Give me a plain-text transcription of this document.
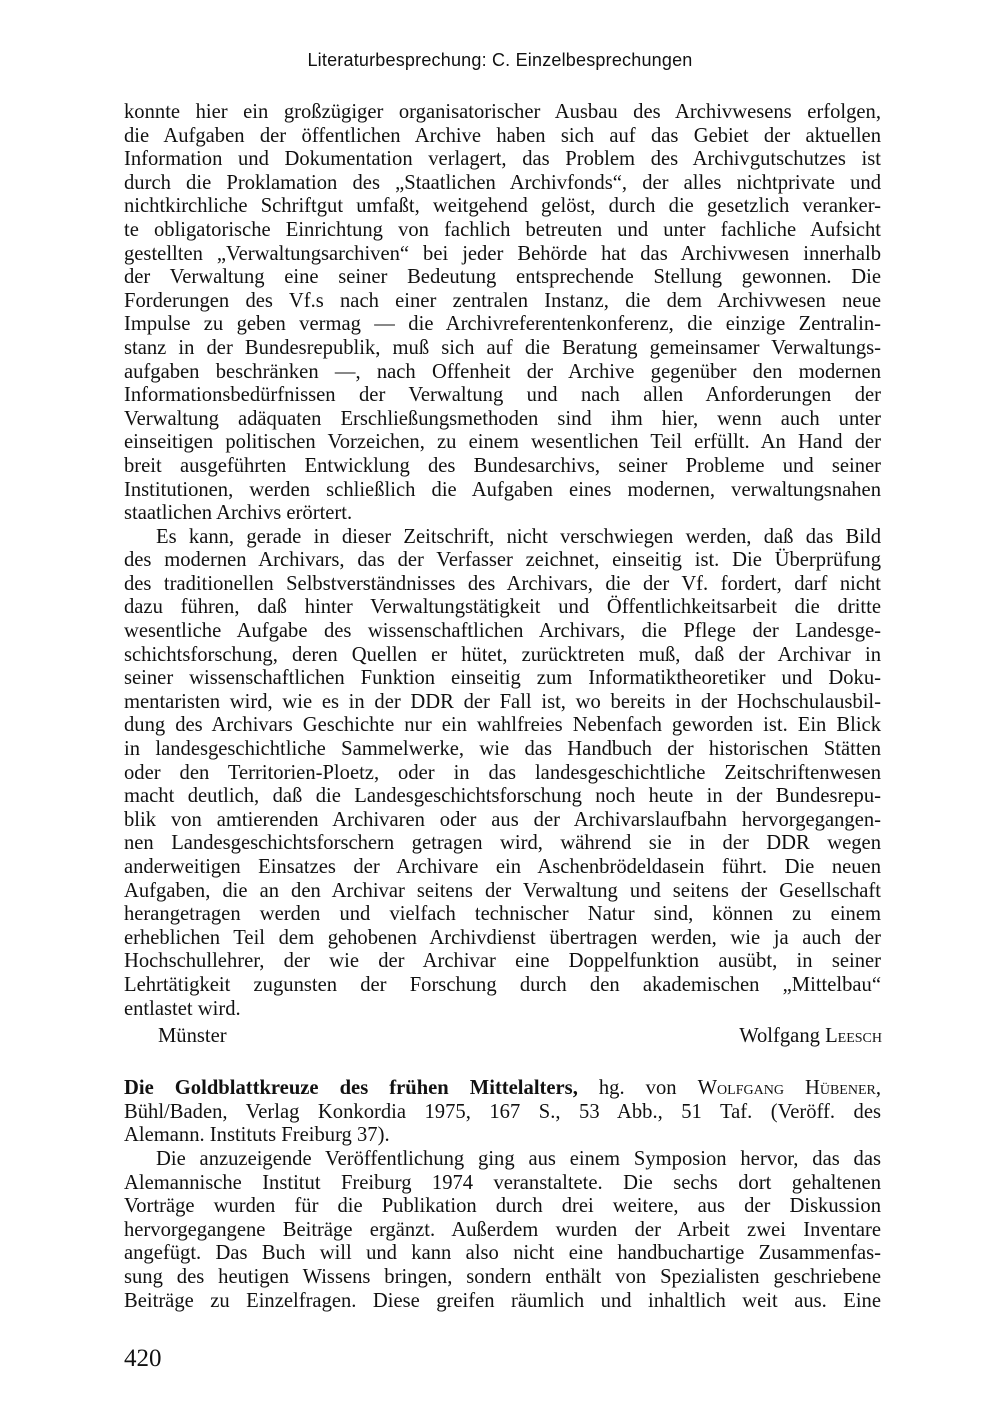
Literaturbesprechung: C. Einzelbesprechungen
konnte hier ein großzügiger organisatorischer Ausbau des Archivwesens erfolgen,
die Aufgaben der öffentlichen Archive haben sich auf das Gebiet der aktuellen
Information und Dokumentation verlagert, das Problem des Archivgutschutzes ist
durch die Proklamation des „Staatlichen Archivfonds“, der alles nichtprivate und
nichtkirchliche Schriftgut umfaßt, weitgehend gelöst, durch die gesetzlich veranker-
te obligatorische Einrichtung von fachlich betreuten und unter fachliche Aufsicht
gestellten „Verwaltungsarchiven“ bei jeder Behörde hat das Archivwesen innerhalb
der Verwaltung eine seiner Bedeutung entsprechende Stellung gewonnen. Die
Forderungen des Vf.s nach einer zentralen Instanz, die dem Archivwesen neue
Impulse zu geben vermag — die Archivreferentenkonferenz, die einzige Zentralin-
stanz in der Bundesrepublik, muß sich auf die Beratung gemeinsamer Verwaltungs-
aufgaben beschränken —, nach Offenheit der Archive gegenüber den modernen
Informationsbedürfnissen der Verwaltung und nach allen Anforderungen der
Verwaltung adäquaten Erschließungsmethoden sind ihm hier, wenn auch unter
einseitigen politischen Vorzeichen, zu einem wesentlichen Teil erfüllt. An Hand der
breit ausgeführten Entwicklung des Bundesarchivs, seiner Probleme und seiner
Institutionen, werden schließlich die Aufgaben eines modernen, verwaltungsnahen
staatlichen Archivs erörtert.
Es kann, gerade in dieser Zeitschrift, nicht verschwiegen werden, daß das Bild
des modernen Archivars, das der Verfasser zeichnet, einseitig ist. Die Überprüfung
des traditionellen Selbstverständnisses des Archivars, die der Vf. fordert, darf nicht
dazu führen, daß hinter Verwaltungstätigkeit und Öffentlichkeitsarbeit die dritte
wesentliche Aufgabe des wissenschaftlichen Archivars, die Pflege der Landesge-
schichtsforschung, deren Quellen er hütet, zurücktreten muß, daß der Archivar in
seiner wissenschaftlichen Funktion einseitig zum Informatiktheoretiker und Doku-
mentaristen wird, wie es in der DDR der Fall ist, wo bereits in der Hochschulausbil-
dung des Archivars Geschichte nur ein wahlfreies Nebenfach geworden ist. Ein Blick
in landesgeschichtliche Sammelwerke, wie das Handbuch der historischen Stätten
oder den Territorien-Ploetz, oder in das landesgeschichtliche Zeitschriftenwesen
macht deutlich, daß die Landesgeschichtsforschung noch heute in der Bundesrepu-
blik von amtierenden Archivaren oder aus der Archivarslaufbahn hervorgegangen-
nen Landesgeschichtsforschern getragen wird, während sie in der DDR wegen
anderweitigen Einsatzes der Archivare ein Aschenbrödeldasein führt. Die neuen
Aufgaben, die an den Archivar seitens der Verwaltung und seitens der Gesellschaft
herangetragen werden und vielfach technischer Natur sind, können zu einem
erheblichen Teil dem gehobenen Archivdienst übertragen werden, wie ja auch der
Hochschullehrer, der wie der Archivar eine Doppelfunktion ausübt, in seiner
Lehrtätigkeit zugunsten der Forschung durch den akademischen „Mittelbau“
entlastet wird.
Münster	Wolfgang Leesch
Die Goldblattkreuze des frühen Mittelalters, hg. von Wolfgang Hübener,
Bühl/Baden, Verlag Konkordia 1975, 167 S., 53 Abb., 51 Taf. (Veröff. des
Alemann. Instituts Freiburg 37).
Die anzuzeigende Veröffentlichung ging aus einem Symposion hervor, das das
Alemannische Institut Freiburg 1974 veranstaltete. Die sechs dort gehaltenen
Vorträge wurden für die Publikation durch drei weitere, aus der Diskussion
hervorgegangene Beiträge ergänzt. Außerdem wurden der Arbeit zwei Inventare
angefügt. Das Buch will und kann also nicht eine handbuchartige Zusammenfas-
sung des heutigen Wissens bringen, sondern enthält von Spezialisten geschriebene
Beiträge zu Einzelfragen. Diese greifen räumlich und inhaltlich weit aus. Eine
420
